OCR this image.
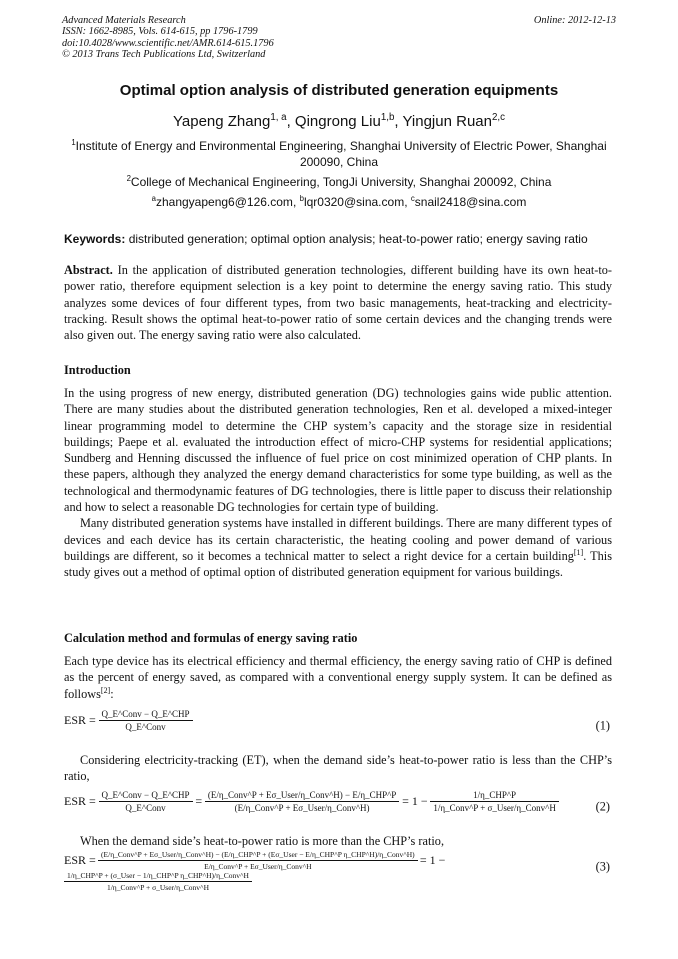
Advanced Materials Research
ISSN: 1662-8985, Vols. 614-615, pp 1796-1799
doi:10.4028/www.scientific.net/AMR.614-615.1796
© 2013 Trans Tech Publications Ltd, Switzerland
Online: 2012-12-13
Optimal option analysis of distributed generation equipments
Yapeng Zhang$^{1, a}$, Qingrong Liu$^{1,b}$, Yingjun Ruan$^{2,c}$
$^1$Institute of Energy and Environmental Engineering, Shanghai University of Electric Power, Shanghai 200090, China
$^2$College of Mechanical Engineering, TongJi University, Shanghai 200092, China
$^a$zhangyapeng6@126.com, $^b$lqr0320@sina.com, $^c$snail2418@sina.com
Keywords: distributed generation; optimal option analysis; heat-to-power ratio; energy saving ratio

Abstract. In the application of distributed generation technologies, different building have its own heat-to-power ratio, therefore equipment selection is a key point to determine the energy saving ratio. This study analyzes some devices of four different types, from two basic managements, heat-tracking and electricity-tracking. Result shows the optimal heat-to-power ratio of some certain devices and the changing trends were also given out. The energy saving ratio were also calculated.

Introduction

In the using progress of new energy, distributed generation (DG) technologies gains wide public attention. There are many studies about the distributed generation technologies, Ren et al. developed a mixed-integer linear programming model to determine the CHP system’s capacity and the storage size in residential buildings; Paepe et al. evaluated the introduction effect of micro-CHP systems for residential applications; Sundberg and Henning discussed the influence of fuel price on cost minimized operation of CHP plants. In these papers, although they analyzed the energy demand characteristics for some type building, as well as the technological and thermodynamic features of DG technologies, there is little paper to discuss their relationship and how to select a reasonable DG technologies for certain type of building.

Many distributed generation systems have installed in different buildings. There are many different types of devices and each device has its certain characteristic, the heating cooling and power demand of various buildings are different, so it becomes a technical matter to select a right device for a certain building[1]. This study gives out a method of optimal option of distributed generation equipment for various buildings.

Calculation method and formulas of energy saving ratio

Each type device has its electrical efficiency and thermal efficiency, the energy saving ratio of CHP is defined as the percent of energy saved, as compared with a conventional energy supply system. It can be defined as follows[2]:

ESR = $\frac{\text{Q\_E\textasciicircum{}Conv − Q\_E\textasciicircum{}CHP}}{\text{Q\_E\textasciicircum{}Conv}}$	(1)

Considering electricity-tracking (ET), when the demand side’s heat-to-power ratio is less than the CHP’s ratio,

ESR = $\frac{\text{Q\_E\textasciicircum{}Conv − Q\_E\textasciicircum{}CHP}}{\text{Q\_E\textasciicircum{}Conv}} = \frac{\text{(E/η\_Conv\textasciicircum{}P + Eσ\_User/η\_Conv\textasciicircum{}H) − E/η\_CHP\textasciicircum{}P}}{\text{(E/η\_Conv\textasciicircum{}P + Eσ\_User/η\_Conv\textasciicircum{}H)}} = 1 - \frac{\text{1/η\_CHP\textasciicircum{}P}}{\text{1/η\_Conv\textasciicircum{}P + σ\_User/η\_Conv\textasciicircum{}H}}$	(2)

When the demand side’s heat-to-power ratio is more than the CHP’s ratio,

ESR = (E/η_Conv^P + Eσ_User/η_Conv^H) − (E/η_CHP^P + (Eσ_User − E/η_CHP^P η_CHP^H)/η_Conv^H)
E/η_Conv^P + Eσ_User/η_Conv^H	= 1 −
$\frac{\text{1/η\_CHP\textasciicircum{}P + (σ\_User − 1/η\_CHP\textasciicircum{}P η\_CHP\textasciicircum{}H)/η\_Conv\textasciicircum{}H}}{\text{1/η\_Conv\textasciicircum{}P + σ\_User/η\_Conv\textasciicircum{}H}}$
(3)
